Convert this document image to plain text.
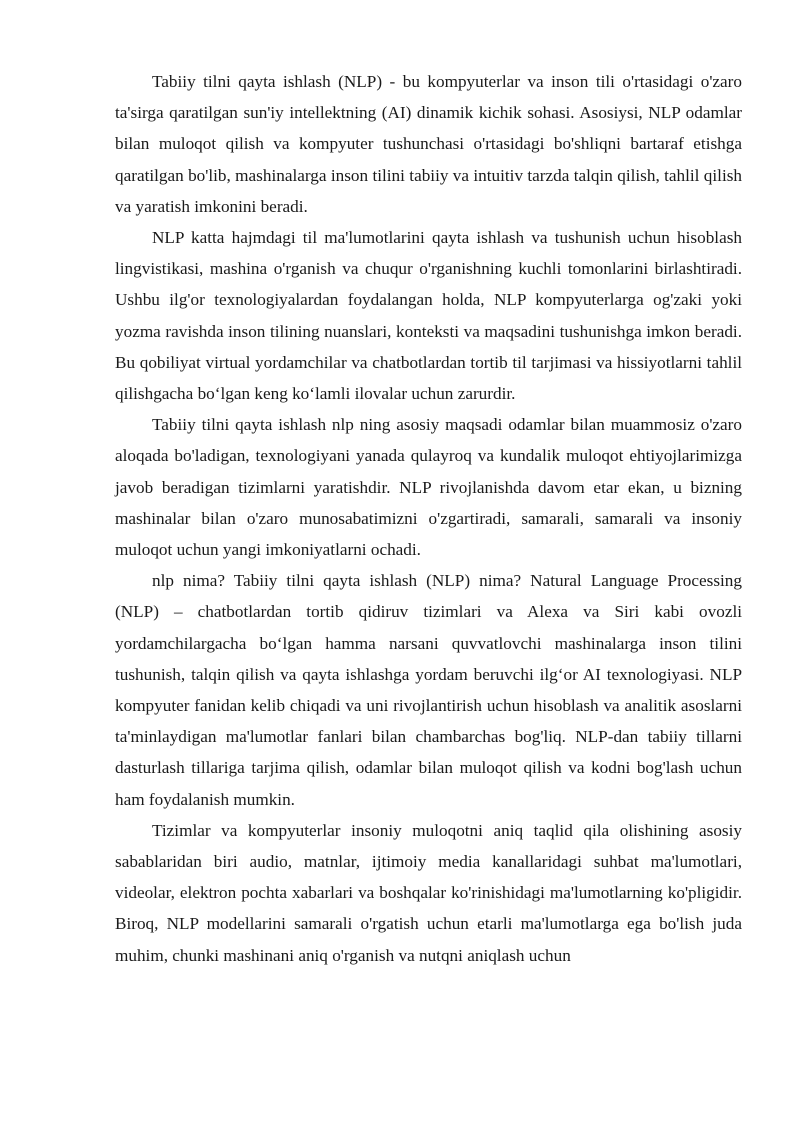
Tabiiy tilni qayta ishlash (NLP) - bu kompyuterlar va inson tili o'rtasidagi o'zaro ta'sirga qaratilgan sun'iy intellektning (AI) dinamik kichik sohasi. Asosiysi, NLP odamlar bilan muloqot qilish va kompyuter tushunchasi o'rtasidagi bo'shliqni bartaraf etishga qaratilgan bo'lib, mashinalarga inson tilini tabiiy va intuitiv tarzda talqin qilish, tahlil qilish va yaratish imkonini beradi.

NLP katta hajmdagi til ma'lumotlarini qayta ishlash va tushunish uchun hisoblash lingvistikasi, mashina o'rganish va chuqur o'rganishning kuchli tomonlarini birlashtiradi. Ushbu ilg'or texnologiyalardan foydalangan holda, NLP kompyuterlarga og'zaki yoki yozma ravishda inson tilining nuanslari, konteksti va maqsadini tushunishga imkon beradi. Bu qobiliyat virtual yordamchilar va chatbotlardan tortib til tarjimasi va hissiyotlarni tahlil qilishgacha bo‘lgan keng ko‘lamli ilovalar uchun zarurdir.

Tabiiy tilni qayta ishlash nlp ning asosiy maqsadi odamlar bilan muammosiz o'zaro aloqada bo'ladigan, texnologiyani yanada qulayroq va kundalik muloqot ehtiyojlarimizga javob beradigan tizimlarni yaratishdir. NLP rivojlanishda davom etar ekan, u bizning mashinalar bilan o'zaro munosabatimizni o'zgartiradi, samarali, samarali va insoniy muloqot uchun yangi imkoniyatlarni ochadi.

nlp nima? Tabiiy tilni qayta ishlash (NLP) nima? Natural Language Processing (NLP) – chatbotlardan tortib qidiruv tizimlari va Alexa va Siri kabi ovozli yordamchilargacha bo‘lgan hamma narsani quvvatlovchi mashinalarga inson tilini tushunish, talqin qilish va qayta ishlashga yordam beruvchi ilg‘or AI texnologiyasi. NLP kompyuter fanidan kelib chiqadi va uni rivojlantirish uchun hisoblash va analitik asoslarni ta'minlaydigan ma'lumotlar fanlari bilan chambarchas bog'liq. NLP-dan tabiiy tillarni dasturlash tillariga tarjima qilish, odamlar bilan muloqot qilish va kodni bog'lash uchun ham foydalanish mumkin.

Tizimlar va kompyuterlar insoniy muloqotni aniq taqlid qila olishining asosiy sabablaridan biri audio, matnlar, ijtimoiy media kanallaridagi suhbat ma'lumotlari, videolar, elektron pochta xabarlari va boshqalar ko'rinishidagi ma'lumotlarning ko'pligidir. Biroq, NLP modellarini samarali o'rgatish uchun etarli ma'lumotlarga ega bo'lish juda muhim, chunki mashinani aniq o'rganish va nutqni aniqlash uchun
